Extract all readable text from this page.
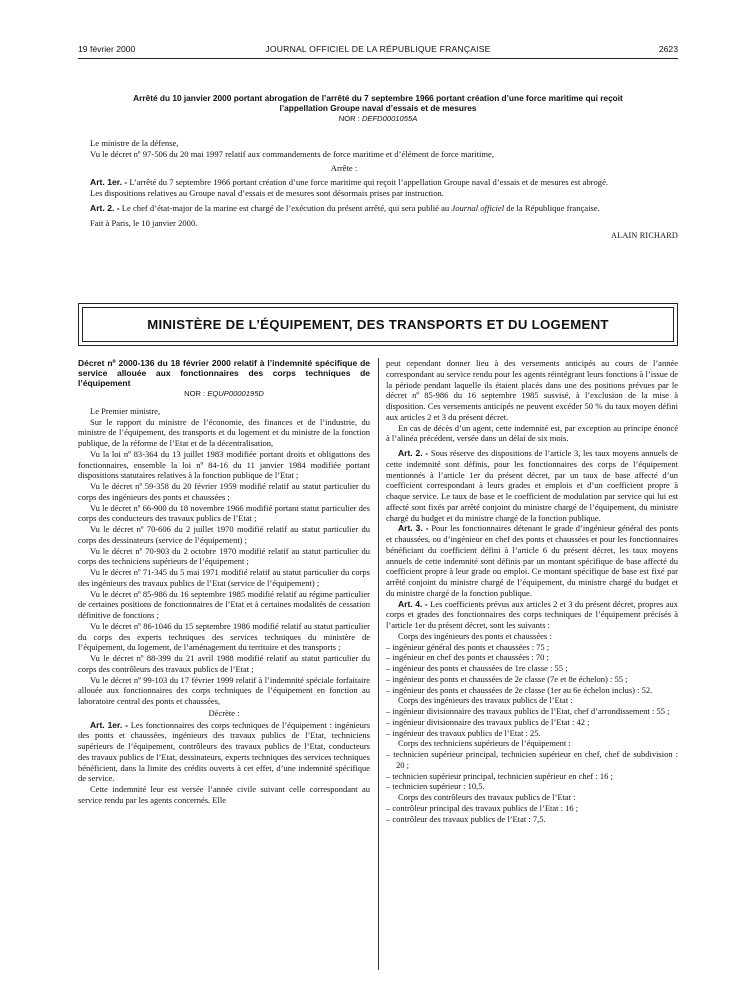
19 février 2000	JOURNAL OFFICIEL DE LA RÉPUBLIQUE FRANÇAISE	2623
Arrêté du 10 janvier 2000 portant abrogation de l’arrêté du 7 septembre 1966 portant création d’une force maritime qui reçoit l’appellation Groupe naval d’essais et de mesures
NOR : DEFD0001055A
Le ministre de la défense,
Vu le décret nº 97-506 du 20 mai 1997 relatif aux commandements de force maritime et d’élément de force maritime,
Arrête :
Art. 1er. - L’arrêté du 7 septembre 1966 portant création d’une force maritime qui reçoit l’appellation Groupe naval d’essais et de mesures est abrogé.
Les dispositions relatives au Groupe naval d’essais et de mesures sont désormais prises par instruction.
Art. 2. - Le chef d’état-major de la marine est chargé de l’exécution du présent arrêté, qui sera publié au Journal officiel de la République française.
Fait à Paris, le 10 janvier 2000.
ALAIN RICHARD
MINISTÈRE DE L’ÉQUIPEMENT, DES TRANSPORTS ET DU LOGEMENT
Décret nº 2000-136 du 18 février 2000 relatif à l’indemnité spécifique de service allouée aux fonctionnaires des corps techniques de l’équipement
NOR : EQUP0000195D
Le Premier ministre,
Sur le rapport du ministre de l’économie, des finances et de l’industrie, du ministre de l’équipement, des transports et du logement et du ministre de la fonction publique, de la réforme de l’Etat et de la décentralisation,
Vu la loi nº 83-364 du 13 juillet 1983 modifiée portant droits et obligations des fonctionnaires, ensemble la loi nº 84-16 du 11 janvier 1984 modifiée portant dispositions statutaires relatives à la fonction publique de l’Etat ;
Vu le décret nº 59-358 du 20 février 1959 modifié relatif au statut particulier du corps des ingénieurs des ponts et chaussées ;
Vu le décret nº 66-900 du 18 novembre 1966 modifié portant statut particulier des corps des conducteurs des travaux publics de l’Etat ;
Vu le décret nº 70-606 du 2 juillet 1970 modifié relatif au statut particulier du corps des dessinateurs (service de l’équipement) ;
Vu le décret nº 70-903 du 2 octobre 1970 modifié relatif au statut particulier du corps des techniciens supérieurs de l’équipement ;
Vu le décret nº 71-345 du 5 mai 1971 modifié relatif au statut particulier du corps des ingénieurs des travaux publics de l’Etat (service de l’équipement) ;
Vu le décret nº 85-986 du 16 septembre 1985 modifié relatif au régime particulier de certaines positions de fonctionnaires de l’Etat et à certaines modalités de cessation définitive de fonctions ;
Vu le décret nº 86-1046 du 15 septembre 1986 modifié relatif au statut particulier du corps des experts techniques des services techniques du ministère de l’équipement, du logement, de l’aménagement du territoire et des transports ;
Vu le décret nº 88-399 du 21 avril 1988 modifié relatif au statut particulier du corps des contrôleurs des travaux publics de l’Etat ;
Vu le décret nº 99-103 du 17 février 1999 relatif à l’indemnité spéciale forfaitaire allouée aux fonctionnaires des corps techniques de l’équipement en fonction au laboratoire central des ponts et chaussées,
Décrète :
Art. 1er. - Les fonctionnaires des corps techniques de l’équipement : ingénieurs des ponts et chaussées, ingénieurs des travaux publics de l’Etat, techniciens supérieurs de l’équipement, contrôleurs des travaux publics de l’Etat, conducteurs des travaux publics de l’Etat, dessinateurs, experts techniques des services techniques bénéficient, dans la limite des crédits ouverts à cet effet, d’une indemnité spécifique de service.
Cette indemnité leur est versée l’année civile suivant celle correspondant au service rendu par les agents concernés. Elle
peut cependant donner lieu à des versements anticipés au cours de l’année correspondant au service rendu pour les agents réintégrant leurs fonctions à l’issue de la période pendant laquelle ils étaient placés dans une des positions prévues par le décret nº 85-986 du 16 septembre 1985 susvisé, à l’exclusion de la mise à disposition. Ces versements anticipés ne peuvent excéder 50 % du taux moyen défini aux articles 2 et 3 du présent décret.
En cas de décès d’un agent, cette indemnité est, par exception au principe énoncé à l’alinéa précédent, versée dans un délai de six mois.
Art. 2. - Sous réserve des dispositions de l’article 3, les taux moyens annuels de cette indemnité sont définis, pour les fonctionnaires des corps de l’équipement mentionnés à l’article 1er du présent décret, par un taux de base affecté d’un coefficient correspondant à leurs grades et emplois et d’un coefficient propre à chaque service. Le taux de base et le coefficient de modulation par service qui lui est affecté sont fixés par arrêté conjoint du ministre chargé de l’équipement, du ministre chargé du budget et du ministre chargé de la fonction publique.
Art. 3. - Pour les fonctionnaires détenant le grade d’ingénieur général des ponts et chaussées, ou d’ingénieur en chef des ponts et chaussées et pour les fonctionnaires bénéficiant du coefficient défini à l’article 6 du présent décret, les taux moyens annuels de cette indemnité sont définis par un montant spécifique de base affecté du coefficient propre à leur grade ou emploi. Ce montant spécifique de base est fixé par arrêté conjoint du ministre chargé de l’équipement, du ministre chargé du budget et du ministre chargé de la fonction publique.
Art. 4. - Les coefficients prévus aux articles 2 et 3 du présent décret, propres aux corps et grades des fonctionnaires des corps techniques de l’équipement précisés à l’article 1er du présent décret, sont les suivants :
Corps des ingénieurs des ponts et chaussées :
– ingénieur général des ponts et chaussées : 75 ;
– ingénieur en chef des ponts et chaussées : 70 ;
– ingénieur des ponts et chaussées de 1re classe : 55 ;
– ingénieur des ponts et chaussées de 2e classe (7e et 8e échelon) : 55 ;
– ingénieur des ponts et chaussées de 2e classe (1er au 6e échelon inclus) : 52.
Corps des ingénieurs des travaux publics de l’Etat :
– ingénieur divisionnaire des travaux publics de l’Etat, chef d’arrondissement : 55 ;
– ingénieur divisionnaire des travaux publics de l’Etat : 42 ;
– ingénieur des travaux publics de l’Etat : 25.
Corps des techniciens supérieurs de l’équipement :
– technicien supérieur principal, technicien supérieur en chef, chef de subdivision : 20 ;
– technicien supérieur principal, technicien supérieur en chef : 16 ;
– technicien supérieur : 10,5.
Corps des contrôleurs des travaux publics de l’Etat :
– contrôleur principal des travaux publics de l’Etat : 16 ;
– contrôleur des travaux publics de l’Etat : 7,5.
